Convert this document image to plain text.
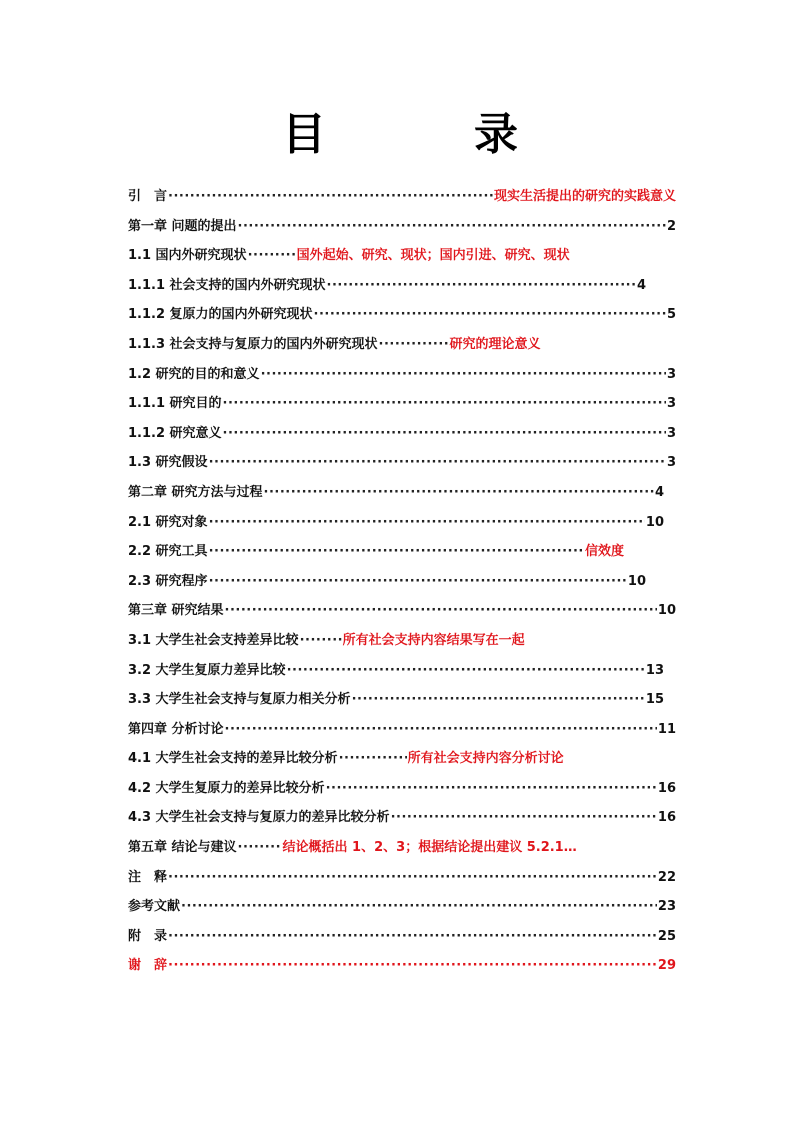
目　录
引　言 ·····	现实生活提出的研究的实践意义
第一章 问题的提出 ·····	2
1.1 国内外研究现状 ·····	国外起始、研究、现状；国内引进、研究、现状
1.1.1 社会支持的国内外研究现状 ·····	4
1.1.2 复原力的国内外研究现状 ·····	5
1.1.3 社会支持与复原力的国内外研究现状 ·····	研究的理论意义
1.2 研究的目的和意义 ·····	3
1.1.1 研究目的 ·····	3
1.1.2 研究意义 ·····	3
1.3 研究假设 ·····	3
第二章 研究方法与过程 ·····	4
2.1 研究对象 ·····	10
2.2 研究工具 ·····	信效度
2.3 研究程序 ·····	10
第三章 研究结果 ·····	10
3.1 大学生社会支持差异比较 ·····	所有社会支持内容结果写在一起
3.2 大学生复原力差异比较 ·····	13
3.3 大学生社会支持与复原力相关分析 ·····	15
第四章 分析讨论 ·····	11
4.1 大学生社会支持的差异比较分析 ·····	所有社会支持内容分析讨论
4.2 大学生复原力的差异比较分析 ·····	16
4.3 大学生社会支持与复原力的差异比较分析 ·····	16
第五章 结论与建议 ·····	结论概括出 1、2、3；根据结论提出建议 5.2.1…
注　释 ·····	22
参考文献 ·····	23
附　录 ·····	25
谢　辞 ·····	29
